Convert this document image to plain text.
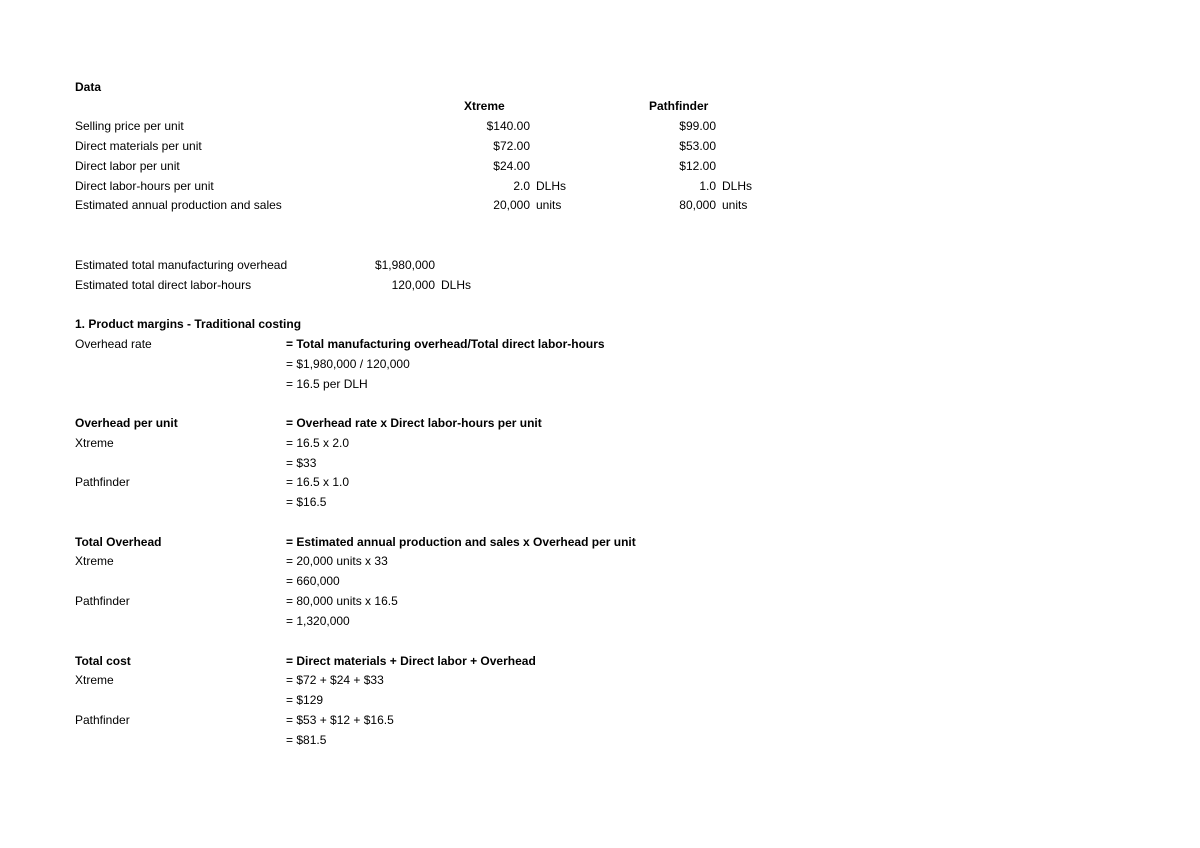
Data
Xtreme	Pathfinder
Selling price per unit	$140.00	$99.00
Direct materials per unit	$72.00	$53.00
Direct labor per unit	$24.00	$12.00
Direct labor-hours per unit	2.0 DLHs	1.0 DLHs
Estimated annual production and sales	20,000 units	80,000 units
Estimated total manufacturing overhead	$1,980,000
Estimated total direct labor-hours	120,000 DLHs
1. Product margins - Traditional costing
Overhead rate	= Total manufacturing overhead/Total direct labor-hours
= $1,980,000 / 120,000
= 16.5 per DLH
Overhead per unit	= Overhead rate x Direct labor-hours per unit
Xtreme	= 16.5 x 2.0
= $33
Pathfinder	= 16.5 x 1.0
= $16.5
Total Overhead	= Estimated annual production and sales x Overhead per unit
Xtreme	= 20,000 units x 33
= 660,000
Pathfinder	= 80,000 units x 16.5
= 1,320,000
Total cost	= Direct materials + Direct labor + Overhead
Xtreme	= $72 + $24 + $33
= $129
Pathfinder	= $53 + $12 + $16.5
= $81.5
